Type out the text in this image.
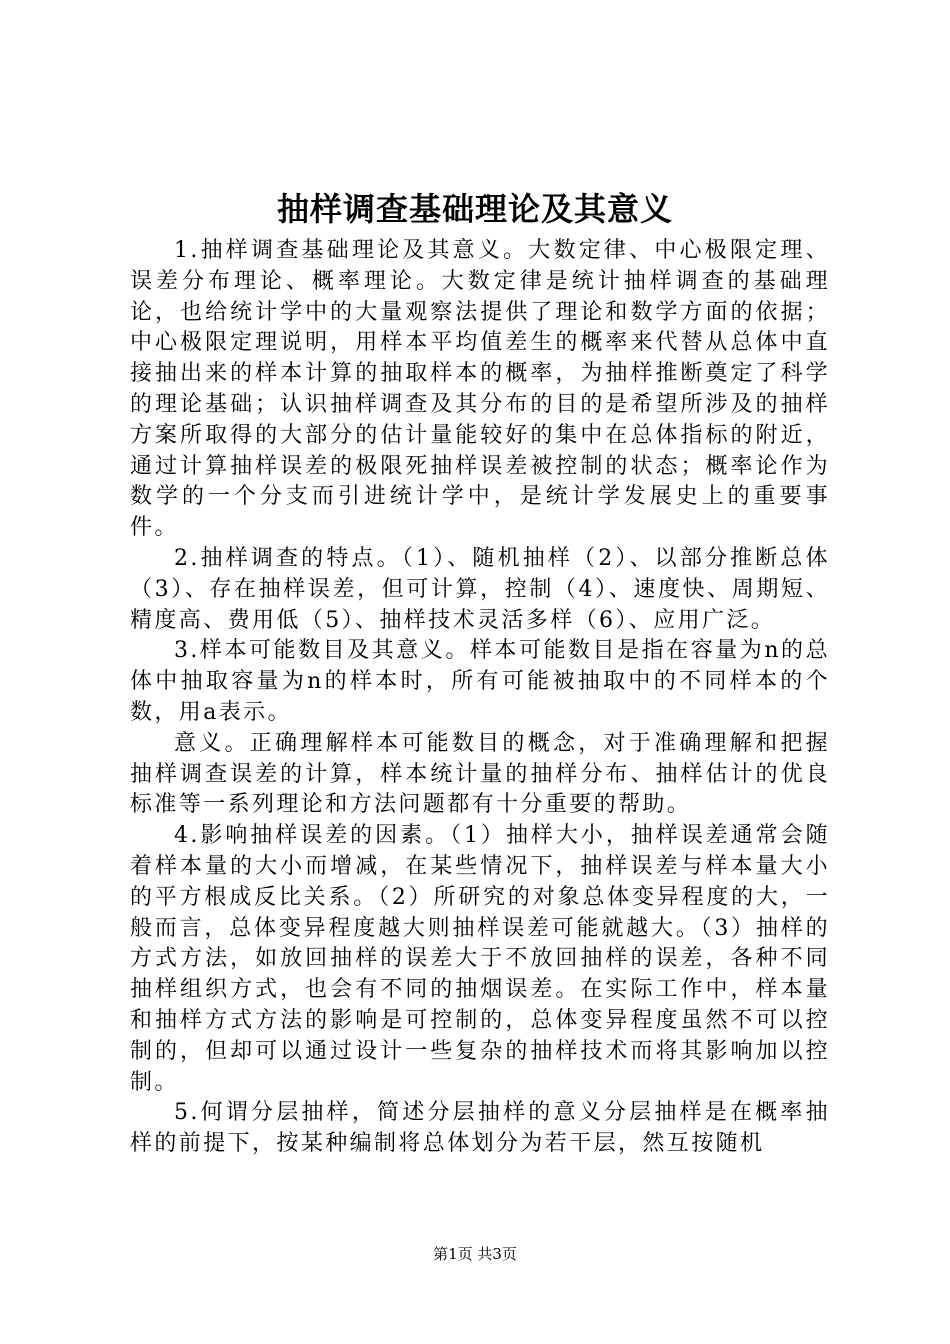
抽样调查基础理论及其意义

1.抽样调查基础理论及其意义。大数定律、中心极限定理、误差分布理论、概率理论。大数定律是统计抽样调查的基础理论，也给统计学中的大量观察法提供了理论和数学方面的依据；中心极限定理说明，用样本平均值差生的概率来代替从总体中直接抽出来的样本计算的抽取样本的概率，为抽样推断奠定了科学的理论基础；认识抽样调查及其分布的目的是希望所涉及的抽样方案所取得的大部分的估计量能较好的集中在总体指标的附近，通过计算抽样误差的极限死抽样误差被控制的状态；概率论作为数学的一个分支而引进统计学中，是统计学发展史上的重要事件。

2.抽样调查的特点。（1）、随机抽样（2）、以部分推断总体（3）、存在抽样误差，但可计算，控制（4）、速度快、周期短、精度高、费用低（5）、抽样技术灵活多样（6）、应用广泛。

3.样本可能数目及其意义。样本可能数目是指在容量为n的总体中抽取容量为n的样本时，所有可能被抽取中的不同样本的个数，用a表示。

意义。正确理解样本可能数目的概念，对于准确理解和把握抽样调查误差的计算，样本统计量的抽样分布、抽样估计的优良标准等一系列理论和方法问题都有十分重要的帮助。

4.影响抽样误差的因素。（1）抽样大小，抽样误差通常会随着样本量的大小而增减，在某些情况下，抽样误差与样本量大小的平方根成反比关系。（2）所研究的对象总体变异程度的大，一般而言，总体变异程度越大则抽样误差可能就越大。（3）抽样的方式方法，如放回抽样的误差大于不放回抽样的误差，各种不同抽样组织方式，也会有不同的抽烟误差。在实际工作中，样本量和抽样方式方法的影响是可控制的，总体变异程度虽然不可以控制的，但却可以通过设计一些复杂的抽样技术而将其影响加以控制。

5.何谓分层抽样，简述分层抽样的意义分层抽样是在概率抽样的前提下，按某种编制将总体划分为若干层，然互按随机

第1页 共3页
